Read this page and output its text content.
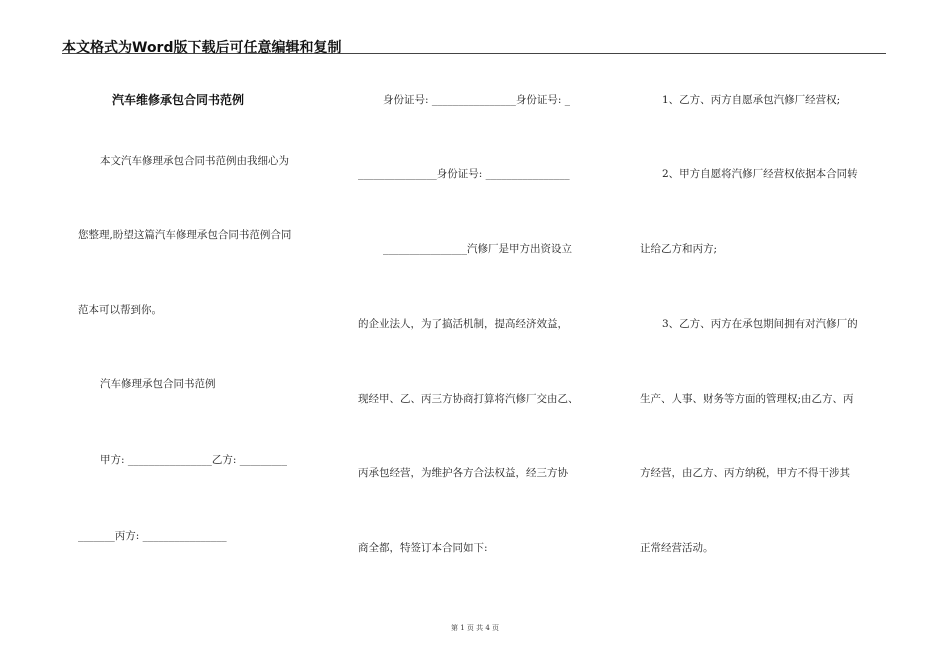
本文格式为Word版下载后可任意编辑和复制
汽车维修承包合同书范例
本文汽车修理承包合同书范例由我细心为
您整理,盼望这篇汽车修理承包合同书范例合同
范本可以帮到你。
汽车修理承包合同书范例
甲方: ________________乙方: _________
_______丙方: ________________
身份证号: ________________身份证号: _
_______________身份证号: ________________
________________汽修厂是甲方出资设立
的企业法人，为了搞活机制，提高经济效益，
现经甲、乙、丙三方协商打算将汽修厂交由乙、
丙承包经营，为维护各方合法权益，经三方协
商全都，特签订本合同如下:
1、乙方、丙方自愿承包汽修厂经营权;
2、甲方自愿将汽修厂经营权依据本合同转
让给乙方和丙方;
3、乙方、丙方在承包期间拥有对汽修厂的
生产、人事、财务等方面的管理权;由乙方、丙
方经营，由乙方、丙方纳税，甲方不得干涉其
正常经营活动。
第 1 页 共 4 页
